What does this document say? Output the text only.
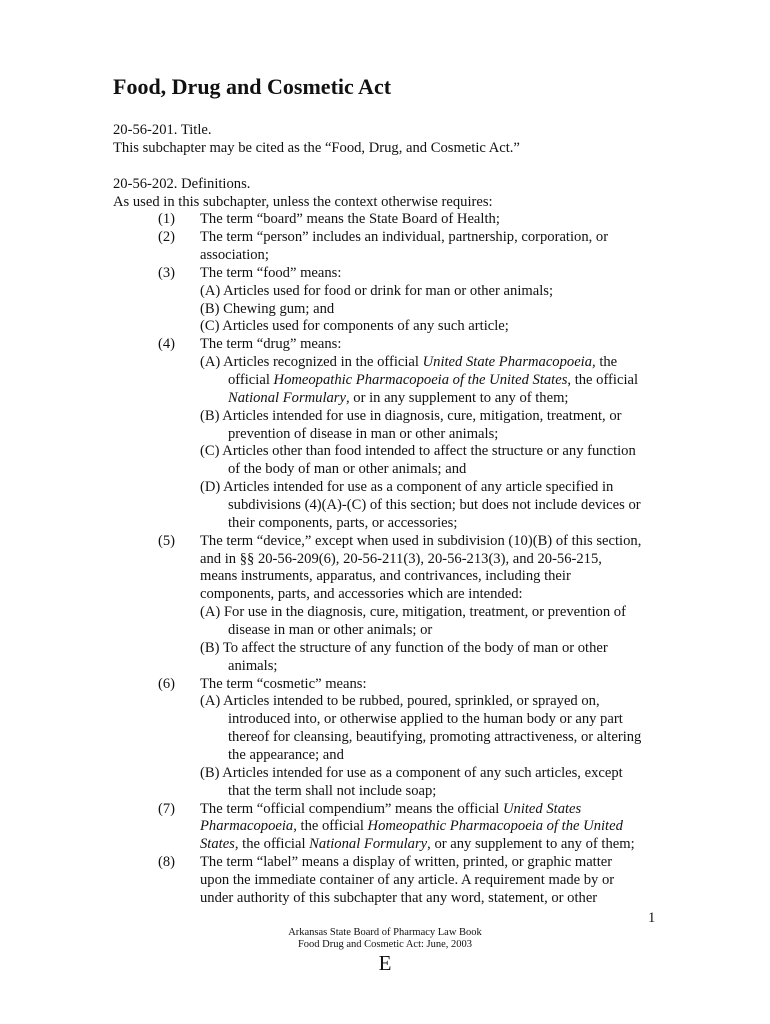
Food, Drug and Cosmetic Act
20-56-201. Title.
This subchapter may be cited as the “Food, Drug, and Cosmetic Act.”
20-56-202. Definitions.
As used in this subchapter, unless the context otherwise requires:
(1) The term “board” means the State Board of Health;
(2) The term “person” includes an individual, partnership, corporation, or
association;
(3) The term “food” means:
(A) Articles used for food or drink for man or other animals;
(B) Chewing gum; and
(C) Articles used for components of any such article;
(4) The term “drug” means:
(A) Articles recognized in the official United State Pharmacopoeia, the
official Homeopathic Pharmacopoeia of the United States, the official
National Formulary, or in any supplement to any of them;
(B) Articles intended for use in diagnosis, cure, mitigation, treatment, or
prevention of disease in man or other animals;
(C) Articles other than food intended to affect the structure or any function
of the body of man or other animals; and
(D) Articles intended for use as a component of any article specified in
subdivisions (4)(A)-(C) of this section; but does not include devices or
their components, parts, or accessories;
(5) The term “device,” except when used in subdivision (10)(B) of this section,
and in §§ 20-56-209(6), 20-56-211(3), 20-56-213(3), and 20-56-215,
means instruments, apparatus, and contrivances, including their
components, parts, and accessories which are intended:
(A) For use in the diagnosis, cure, mitigation, treatment, or prevention of
disease in man or other animals; or
(B) To affect the structure of any function of the body of man or other
animals;
(6) The term “cosmetic” means:
(A) Articles intended to be rubbed, poured, sprinkled, or sprayed on,
introduced into, or otherwise applied to the human body or any part
thereof for cleansing, beautifying, promoting attractiveness, or altering
the appearance; and
(B) Articles intended for use as a component of any such articles, except
that the term shall not include soap;
(7) The term “official compendium” means the official United States
Pharmacopoeia, the official Homeopathic Pharmacopoeia of the United
States, the official National Formulary, or any supplement to any of them;
(8) The term “label” means a display of written, printed, or graphic matter
upon the immediate container of any article. A requirement made by or
under authority of this subchapter that any word, statement, or other
1
Arkansas State Board of Pharmacy Law Book
Food Drug and Cosmetic Act: June, 2003
E
